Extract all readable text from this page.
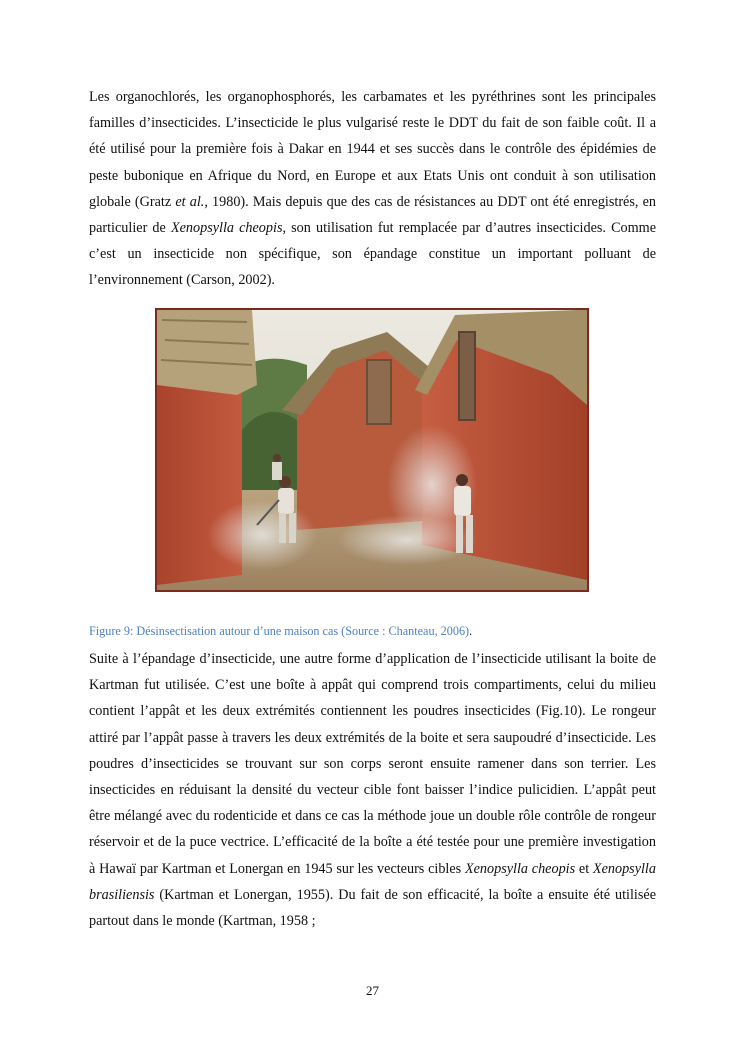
Les organochlorés, les organophosphorés, les carbamates et les pyréthrines sont les principales familles d’insecticides. L’insecticide le plus vulgarisé reste le DDT du fait de son faible coût. Il a été utilisé pour la première fois à Dakar en 1944 et ses succès dans le contrôle des épidémies de peste bubonique en Afrique du Nord, en Europe et aux Etats Unis ont conduit à son utilisation globale (Gratz et al., 1980). Mais depuis que des cas de résistances au DDT ont été enregistrés, en particulier de Xenopsylla cheopis, son utilisation fut remplacée par d’autres insecticides. Comme c’est un insecticide non spécifique, son épandage constitue un important polluant de l’environnement (Carson, 2002).

Figure 9: Désinsectisation autour d’une maison cas (Source : Chanteau, 2006).

Suite à l’épandage d’insecticide, une autre forme d’application de l’insecticide utilisant la boite de Kartman fut utilisée. C’est une boîte à appât qui comprend trois compartiments, celui du milieu contient l’appât et les deux extrémités contiennent les poudres insecticides (Fig.10). Le rongeur attiré par l’appât passe à travers les deux extrémités de la boite et sera saupoudré d’insecticide. Les poudres d’insecticides se trouvant sur son corps seront ensuite ramener dans son terrier. Les insecticides en réduisant la densité du vecteur cible font baisser l’indice pulicidien. L’appât peut être mélangé avec du rodenticide et dans ce cas la méthode joue un double rôle contrôle de rongeur réservoir et de la puce vectrice. L’efficacité de la boîte a été testée pour une première investigation à Hawaï par Kartman et Lonergan en 1945 sur les vecteurs cibles Xenopsylla cheopis et Xenopsylla brasiliensis (Kartman et Lonergan, 1955). Du fait de son efficacité, la boîte a ensuite été utilisée partout dans le monde (Kartman, 1958 ;

27
